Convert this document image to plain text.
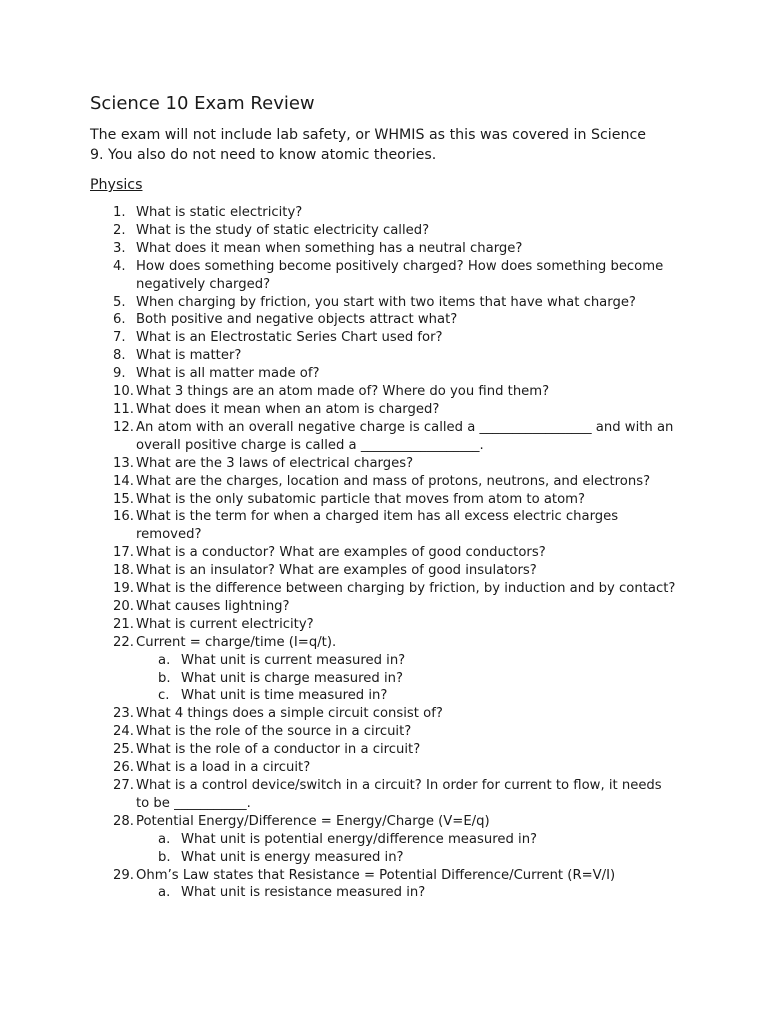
Science 10 Exam Review

The exam will not include lab safety, or WHMIS as this was covered in Science 9. You also do not need to know atomic theories.

Physics

1. What is static electricity?
2. What is the study of static electricity called?
3. What does it mean when something has a neutral charge?
4. How does something become positively charged? How does something become negatively charged?
5. When charging by friction, you start with two items that have what charge?
6. Both positive and negative objects attract what?
7. What is an Electrostatic Series Chart used for?
8. What is matter?
9. What is all matter made of?
10. What 3 things are an atom made of? Where do you find them?
11. What does it mean when an atom is charged?
12. An atom with an overall negative charge is called a _________________ and with an overall positive charge is called a __________________.
13. What are the 3 laws of electrical charges?
14. What are the charges, location and mass of protons, neutrons, and electrons?
15. What is the only subatomic particle that moves from atom to atom?
16. What is the term for when a charged item has all excess electric charges removed?
17. What is a conductor? What are examples of good conductors?
18. What is an insulator? What are examples of good insulators?
19. What is the difference between charging by friction, by induction and by contact?
20. What causes lightning?
21. What is current electricity?
22. Current = charge/time (I=q/t).
a. What unit is current measured in?
b. What unit is charge measured in?
c. What unit is time measured in?
23. What 4 things does a simple circuit consist of?
24. What is the role of the source in a circuit?
25. What is the role of a conductor in a circuit?
26. What is a load in a circuit?
27. What is a control device/switch in a circuit? In order for current to flow, it needs to be ___________.
28. Potential Energy/Difference = Energy/Charge (V=E/q)
a. What unit is potential energy/difference measured in?
b. What unit is energy measured in?
29. Ohm’s Law states that Resistance = Potential Difference/Current (R=V/I)
a. What unit is resistance measured in?
